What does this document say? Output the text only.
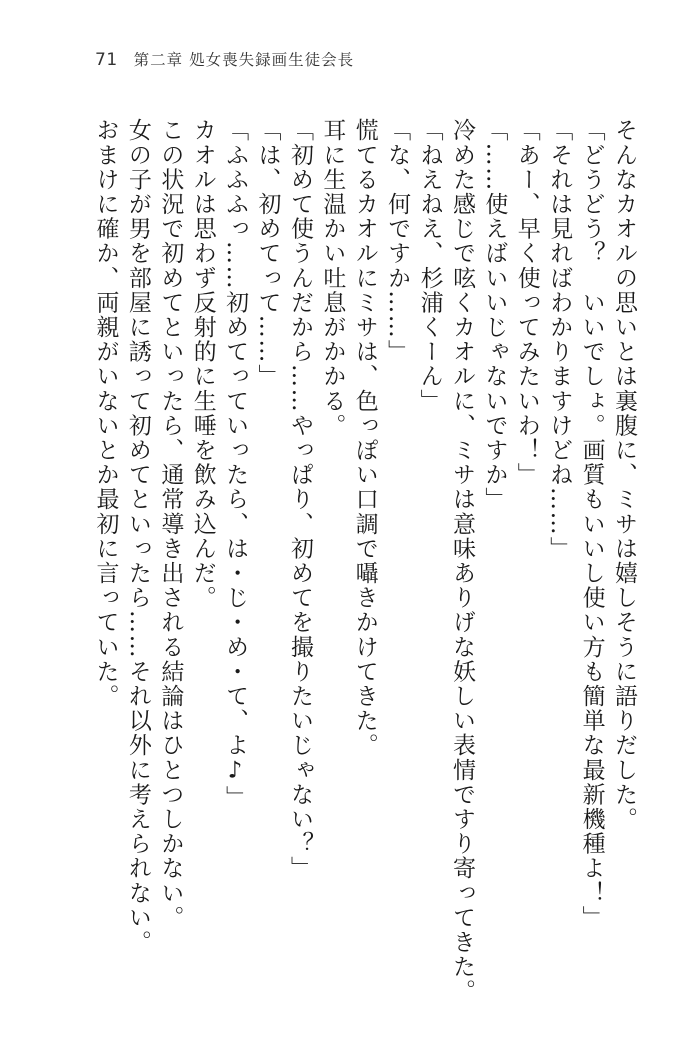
71 第二章 処女喪失録画生徒会長
そんなカオルの思いとは裏腹に、ミサは嬉しそうに語りだした。
「どうどう？　いいでしょ。画質もいいし使い方も簡単な最新機種よ！」
「それは見ればわかりますけどね……」
「あー、早く使ってみたいわ！」
「……使えばいいじゃないですか」
冷めた感じで呟くカオルに、ミサは意味ありげな妖しい表情ですり寄ってきた。
「ねえねえ、杉浦くーん」
「な、何ですか……」
慌てるカオルにミサは、色っぽい口調で囁きかけてきた。
耳に生温かい吐息がかかる。
「初めて使うんだから……やっぱり、初めてを撮りたいじゃない？」
「は、初めてって……」
「ふふふっ……初めてっていったら、は・じ・め・て、よ♪」
カオルは思わず反射的に生唾を飲み込んだ。
この状況で初めてといったら、通常導き出される結論はひとつしかない。
女の子が男を部屋に誘って初めてといったら……それ以外に考えられない。
おまけに確か、両親がいないとか最初に言っていた。
